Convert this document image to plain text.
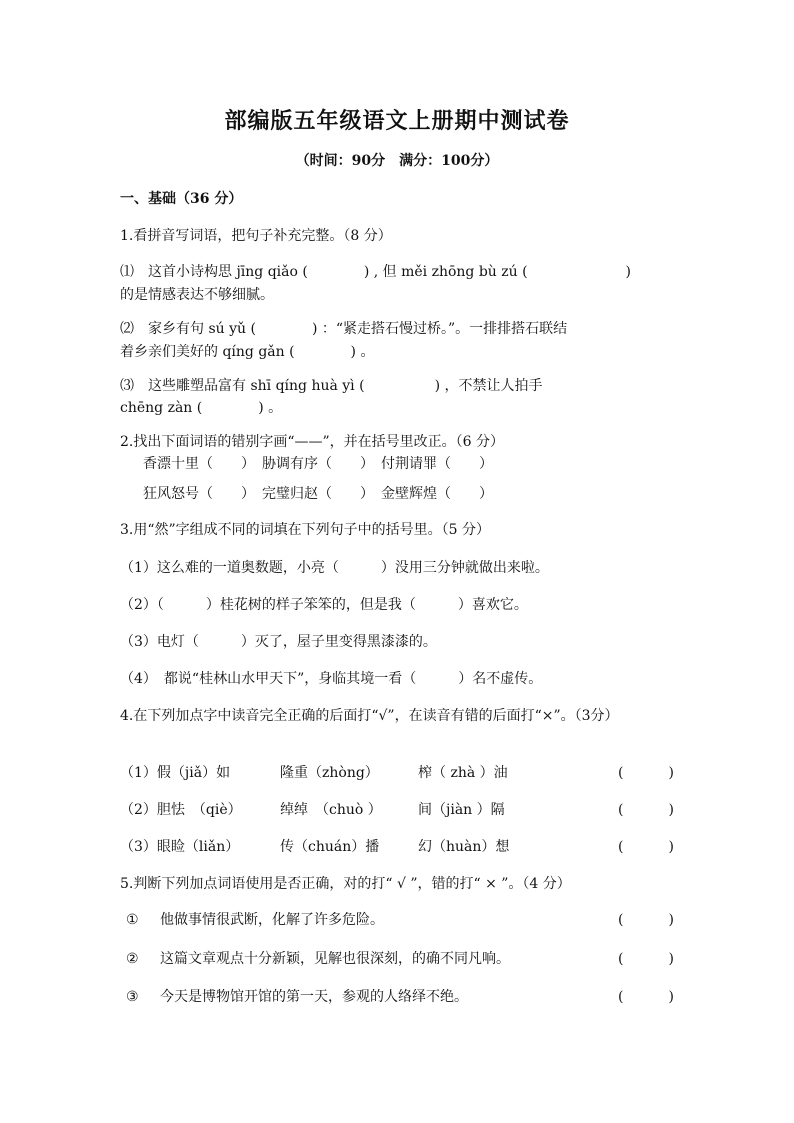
部编版五年级语文上册期中测试卷
（时间：90分　满分：100分）
一、基础（36 分）
1.看拼音写词语，把句子补充完整。（8 分）
⑴　这首小诗构思 jīng qiǎo (　　　　) , 但 měi zhōng bù zú (　　　　　　　)
的是情感表达不够细腻。
⑵　家乡有句 sú yǔ (　　　　) ：“紧走搭石慢过桥。”。一排排搭石联结
着乡亲们美好的 qíng gǎn (　　　　) 。
⑶　这些雕塑品富有 shī qíng huà yì (　　　　　) ，不禁让人拍手
chēng zàn (　　　　) 。
2.找出下面词语的错别字画“——”，并在括号里改正。（6 分）
香漂十里（　　）　胁调有序（　　）　付荆请罪（　　）
狂风怒号（　　）　完璧归赵（　　）　金壁辉煌（　　）
3.用“然”字组成不同的词填在下列句子中的括号里。（5 分）
（1）这么难的一道奥数题，小亮（　　　）没用三分钟就做出来啦。
（2）（　　　）桂花树的样子笨笨的，但是我（　　　）喜欢它。
（3）电灯（　　　）灭了，屋子里变得黑漆漆的。
（4）　都说“桂林山水甲天下”，身临其境一看（　　　）名不虚传。
4.在下列加点字中读音完全正确的后面打“√”，在读音有错的后面打“×”。（3分）
（1）假（jiǎ）如	隆重（zhòng）	榨（ zhà ）油	(	)
（2）胆怯　（qiè）	绰绰　（chuò ）	间（jiàn ）隔	(	)
（3）眼睑（liǎn）	传（chuán）播	幻（huàn）想	(	)
5.判断下列加点词语使用是否正确，对的打“ √ ”，错的打“ × ”。（4 分）
① 他做事情很武断，化解了许多危险。	(	)
② 这篇文章观点十分新颖，见解也很深刻，的确不同凡响。	(	)
③ 今天是博物馆开馆的第一天，参观的人络绎不绝。	(	)
